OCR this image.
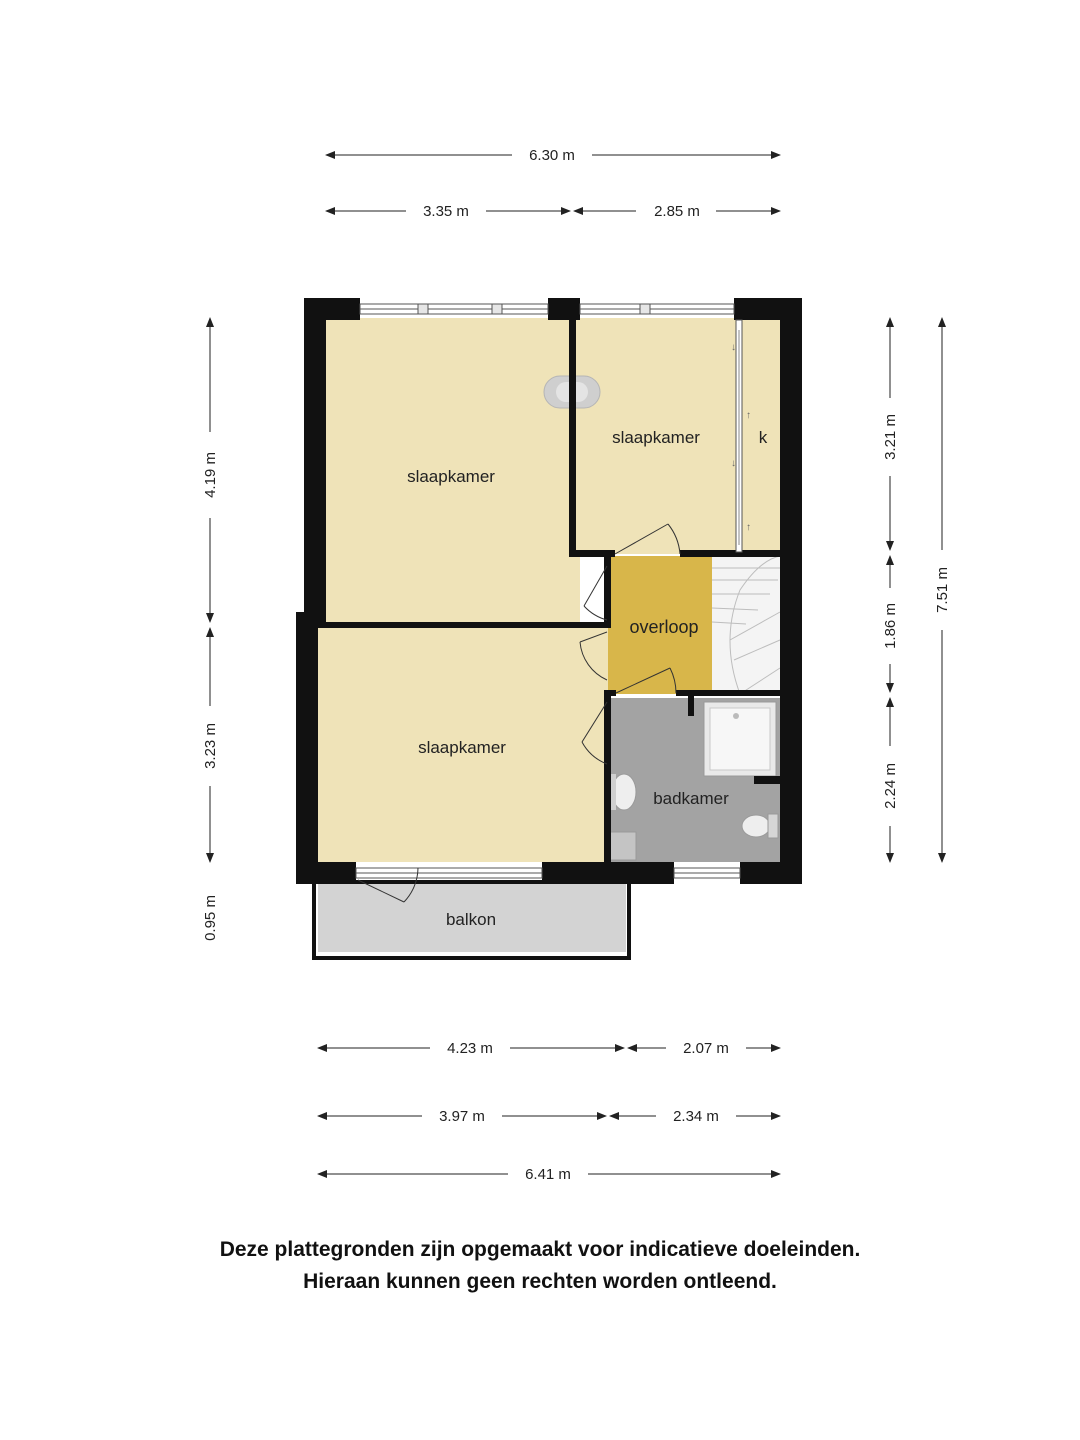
↓
↑
↓
↑
slaapkamer
slaapkamer	k
overloop
slaapkamer
badkamer
balkon
6.30 m
3.35 m	2.85 m
4.19 m
3.23 m
0.95 m
3.21 m
1.86 m
2.24 m
7.51 m
4.23 m	2.07 m
3.97 m	2.34 m
6.41 m
Deze plattegronden zijn opgemaakt voor indicatieve doeleinden.
Hieraan kunnen geen rechten worden ontleend.
